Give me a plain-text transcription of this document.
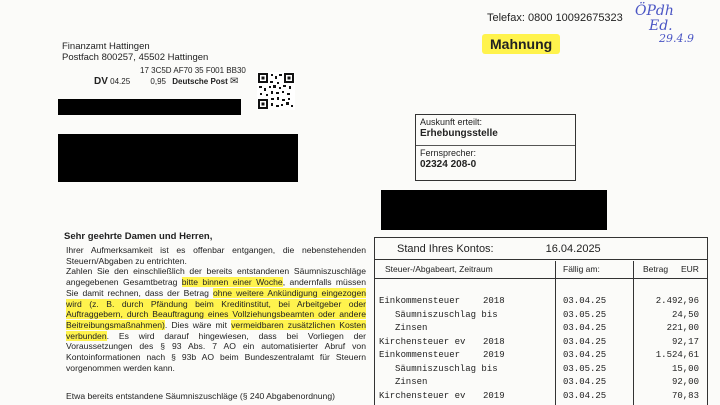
Telefax: 0800 10092675323 ÖPdh
Ed.
29.4.9
Mahnung
Finanzamt Hattingen
Postfach 800257, 45502 Hattingen
17 3C5D AF70 35 F001 BB30
DV 04.25	0,95 Deutsche Post ✉
Auskunft erteilt:
Erhebungsstelle
Fernsprecher:
02324 208-0
Sehr geehrte Damen und Herren,

Ihrer Aufmerksamkeit ist es offenbar entgangen, die nebenstehenden Steuern/Abgaben zu entrichten.

Zahlen Sie den einschließlich der bereits entstandenen Säumniszuschläge angegebenen Gesamtbetrag bitte binnen einer Woche, andernfalls müssen Sie damit rechnen, dass der Betrag ohne weitere Ankündigung eingezogen wird (z. B. durch Pfändung beim Kreditinstitut, bei Arbeitgeber oder Auftraggebern, durch Beauftragung eines Vollziehungsbeamten oder andere Beitreibungsmaßnahmen). Dies wäre mit vermeidbaren zusätzlichen Kosten verbunden. Es wird darauf hingewiesen, dass bei Vorliegen der Voraussetzungen des § 93 Abs. 7 AO ein automatisierter Abruf von Kontoinformationen nach § 93b AO beim Bundeszentralamt für Steuern vorgenommen werden kann.

Etwa bereits entstandene Säumniszuschläge (§ 240 Abgabenordnung)
Stand Ihres Kontos:	16.04.2025
Steuer-/Abgabeart, Zeitraum	Fällig am:	Betrag EUR
Einkommensteuer	2018	03.04.25	2.492,96
Säumniszuschlag bis	03.05.25	24,50
Zinsen	03.04.25	221,00
Kirchensteuer ev 2018	03.04.25	92,17
Einkommensteuer	2019	03.04.25	1.524,61
Säumniszuschlag bis	03.05.25	15,00
Zinsen	03.04.25	92,00
Kirchensteuer ev 2019	03.04.25	70,83
